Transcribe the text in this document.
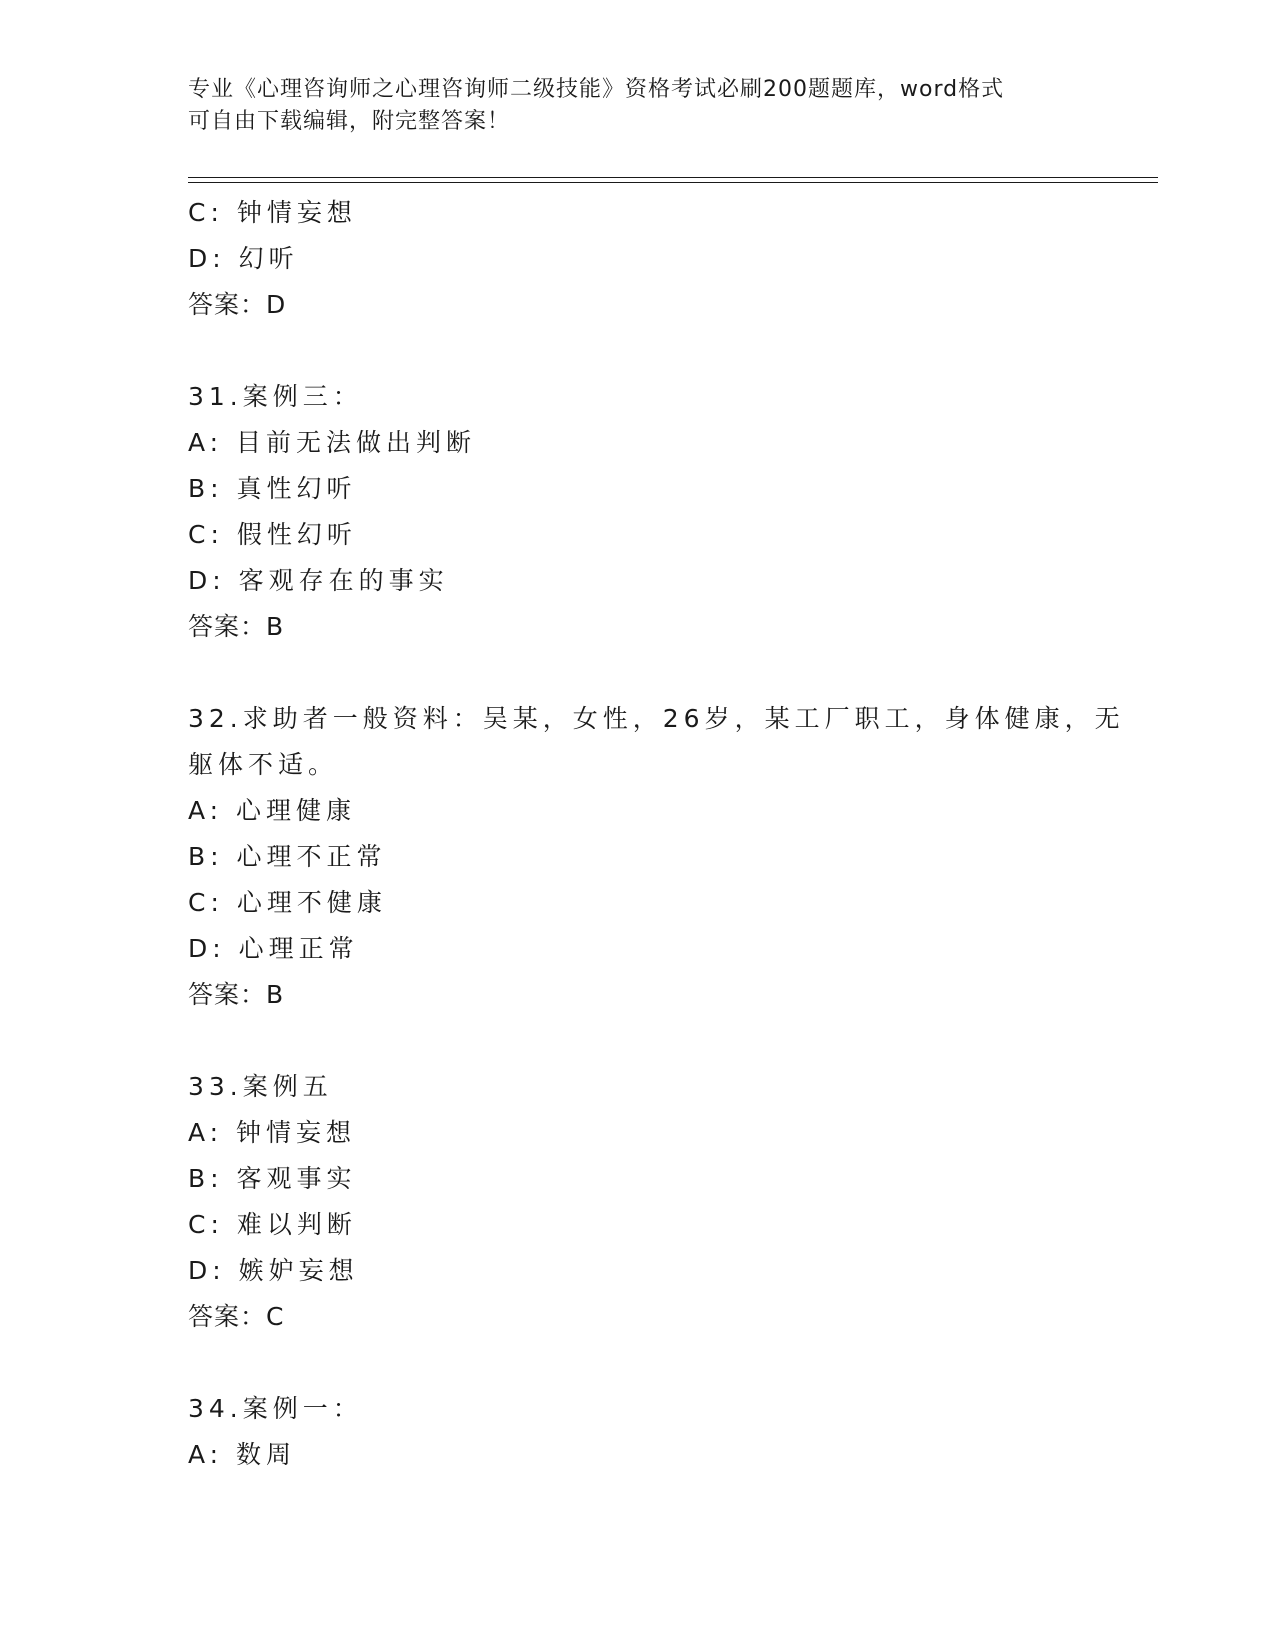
专业《心理咨询师之心理咨询师二级技能》资格考试必刷200题题库，word格式
可自由下载编辑，附完整答案！
C: 钟情妄想
D: 幻听
答案：D
31.案例三：
A: 目前无法做出判断
B: 真性幻听
C: 假性幻听
D: 客观存在的事实
答案：B
32.求助者一般资料：吴某，女性，26岁，某工厂职工，身体健康，无
躯体不适。
A: 心理健康
B: 心理不正常
C: 心理不健康
D: 心理正常
答案：B
33.案例五
A: 钟情妄想
B: 客观事实
C: 难以判断
D: 嫉妒妄想
答案：C
34.案例一：
A: 数周
